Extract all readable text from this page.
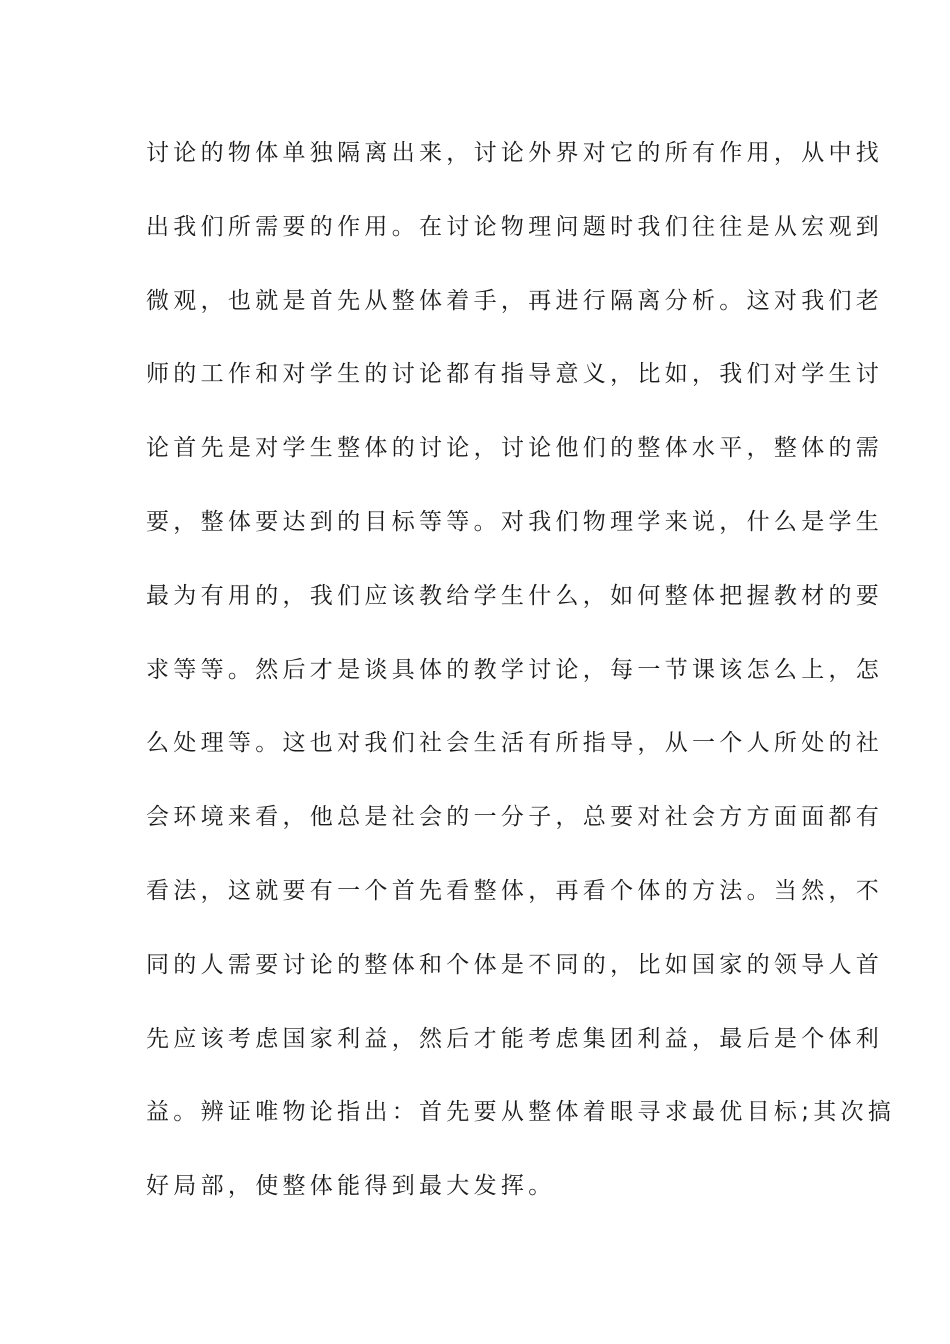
讨论的物体单独隔离出来，讨论外界对它的所有作用，从中找
出我们所需要的作用。在讨论物理问题时我们往往是从宏观到
微观，也就是首先从整体着手，再进行隔离分析。这对我们老
师的工作和对学生的讨论都有指导意义，比如，我们对学生讨
论首先是对学生整体的讨论，讨论他们的整体水平，整体的需
要，整体要达到的目标等等。对我们物理学来说，什么是学生
最为有用的，我们应该教给学生什么，如何整体把握教材的要
求等等。然后才是谈具体的教学讨论，每一节课该怎么上，怎
么处理等。这也对我们社会生活有所指导，从一个人所处的社
会环境来看，他总是社会的一分子，总要对社会方方面面都有
看法，这就要有一个首先看整体，再看个体的方法。当然，不
同的人需要讨论的整体和个体是不同的，比如国家的领导人首
先应该考虑国家利益，然后才能考虑集团利益，最后是个体利
益。辨证唯物论指出：首先要从整体着眼寻求最优目标;其次搞
好局部，使整体能得到最大发挥。
